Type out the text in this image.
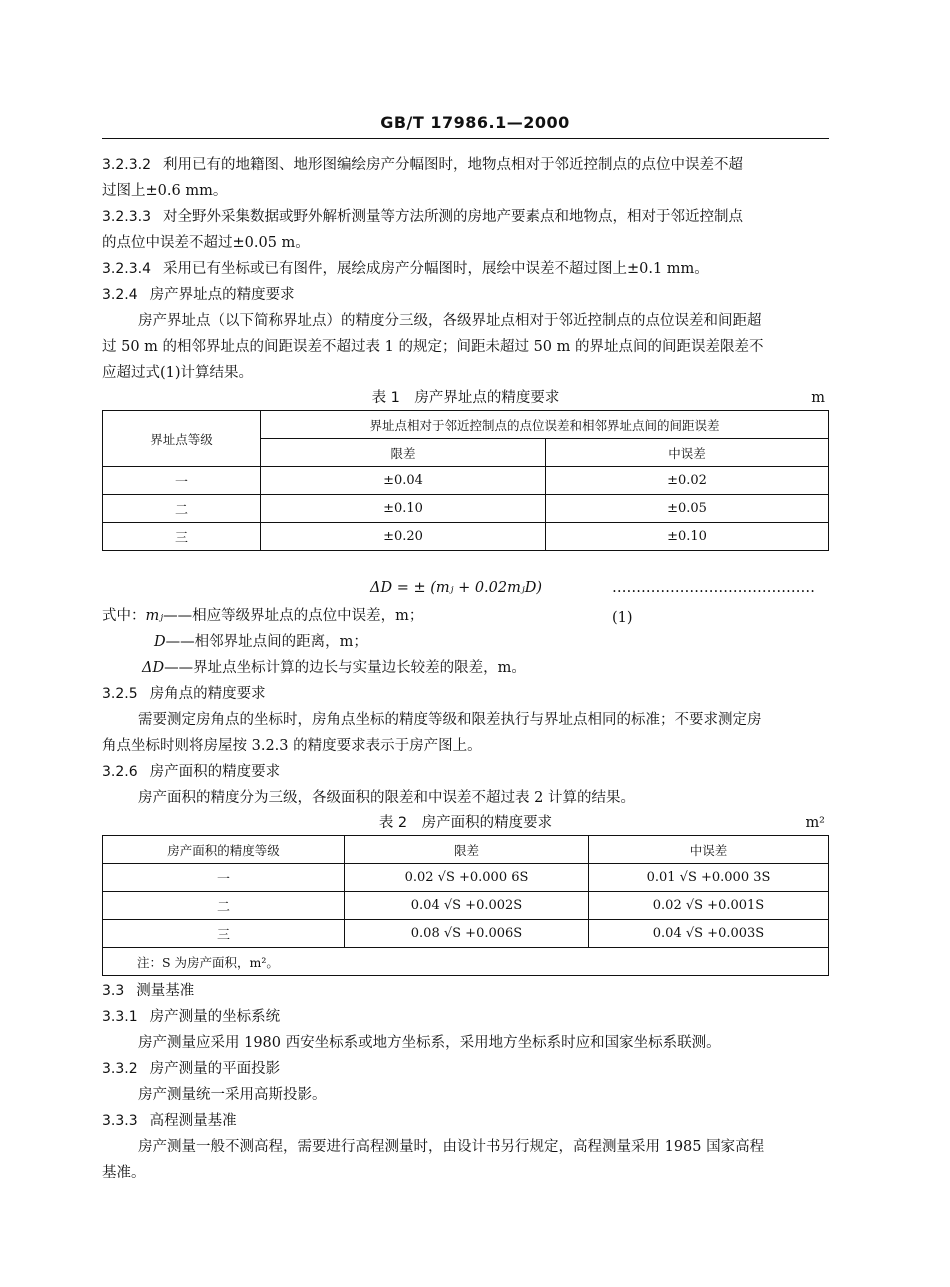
GB/T 17986.1—2000
3.2.3.2 利用已有的地籍图、地形图编绘房产分幅图时，地物点相对于邻近控制点的点位中误差不超
过图上±0.6 mm。
3.2.3.3 对全野外采集数据或野外解析测量等方法所测的房地产要素点和地物点，相对于邻近控制点
的点位中误差不超过±0.05 m。
3.2.3.4 采用已有坐标或已有图件，展绘成房产分幅图时，展绘中误差不超过图上±0.1 mm。
3.2.4 房产界址点的精度要求
房产界址点（以下简称界址点）的精度分三级，各级界址点相对于邻近控制点的点位误差和间距超
过 50 m 的相邻界址点的间距误差不超过表 1 的规定；间距未超过 50 m 的界址点间的间距误差限差不
应超过式(1)计算结果。
表 1　房产界址点的精度要求	m
界址点等级	界址点相对于邻近控制点的点位误差和相邻界址点间的间距误差	
	限差	中误差
一	±0.04	±0.02
二	±0.10	±0.05
三	±0.20	±0.10
ΔD = ± (mⱼ + 0.02mⱼD)	……………………………………(1)
式中：mⱼ——相应等级界址点的点位中误差，m；
D——相邻界址点间的距离，m；
ΔD——界址点坐标计算的边长与实量边长较差的限差，m。
3.2.5 房角点的精度要求
需要测定房角点的坐标时，房角点坐标的精度等级和限差执行与界址点相同的标准；不要求测定房
角点坐标时则将房屋按 3.2.3 的精度要求表示于房产图上。
3.2.6 房产面积的精度要求
房产面积的精度分为三级，各级面积的限差和中误差不超过表 2 计算的结果。
表 2　房产面积的精度要求	m²
房产面积的精度等级	限差	中误差
一	0.02 √S +0.000 6S	0.01 √S +0.000 3S
二	0.04 √S +0.002S	0.02 √S +0.001S
三	0.08 √S +0.006S	0.04 √S +0.003S
注：S 为房产面积，m²。		
3.3 测量基准
3.3.1 房产测量的坐标系统
房产测量应采用 1980 西安坐标系或地方坐标系，采用地方坐标系时应和国家坐标系联测。
3.3.2 房产测量的平面投影
房产测量统一采用高斯投影。
3.3.3 高程测量基准
房产测量一般不测高程，需要进行高程测量时，由设计书另行规定，高程测量采用 1985 国家高程
基准。
